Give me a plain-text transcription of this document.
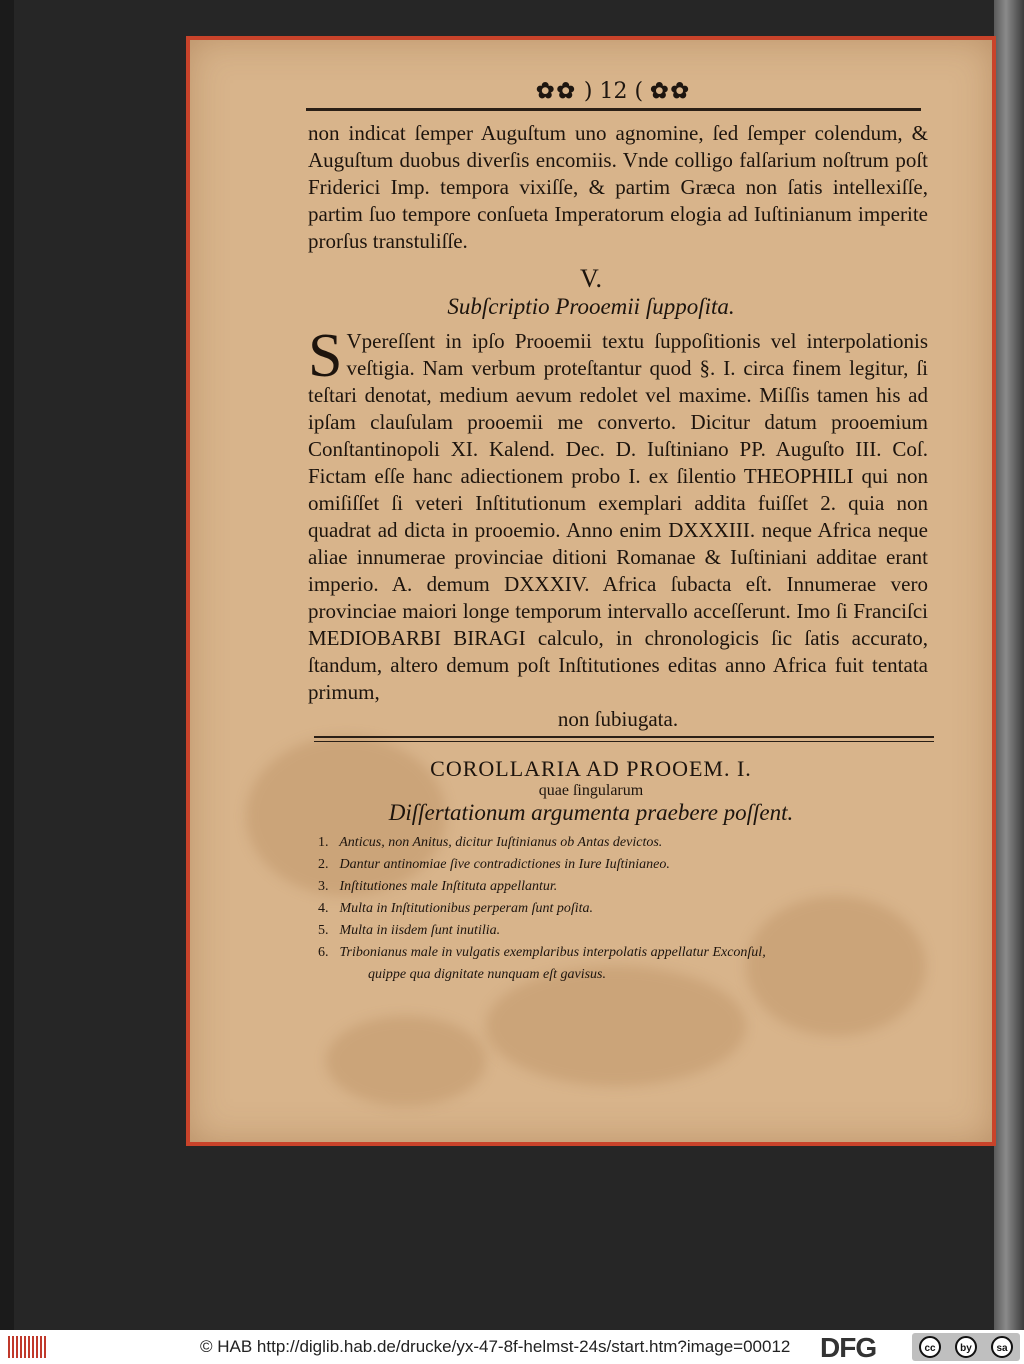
✿✿ ) 12 ( ✿✿
non indicat ſemper Auguſtum uno agnomine, ſed ſemper colendum, & Auguſtum duobus diverſis encomiis. Vnde colligo falſarium noſtrum poſt Friderici Imp. tempora vixiſſe, & partim Græca non ſatis intellexiſſe, partim ſuo tempore conſueta Imperatorum elogia ad Iuſtinianum imperite prorſus transtuliſſe.
V.
Subſcriptio Prooemii ſuppoſita.
S Vpereſſent in ipſo Prooemii textu ſuppoſitionis vel interpolationis veſtigia. Nam verbum proteſtantur quod §. I. circa finem legitur, ſi teſtari denotat, medium aevum redolet vel maxime. Miſſis tamen his ad ipſam clauſulam prooemii me converto. Dicitur datum prooemium Conſtantinopoli XI. Kalend. Dec. D. Iuſtiniano PP. Auguſto III. Coſ. Fictam eſſe hanc adiectionem probo I. ex ſilentio THEOPHILI qui non omiſiſſet ſi veteri Inſtitutionum exemplari addita fuiſſet 2. quia non quadrat ad dicta in prooemio. Anno enim DXXXIII. neque Africa neque aliae innumerae provinciae ditioni Romanae & Iuſtiniani additae erant imperio. A. demum DXXXIV. Africa ſubacta eſt. Innumerae vero provinciae maiori longe temporum intervallo acceſſerunt. Imo ſi Franciſci MEDIOBARBI BIRAGI calculo, in chronologicis ſic ſatis accurato, ſtandum, altero demum poſt Inſtitutiones editas anno Africa fuit tentata primum,
non ſubiugata.
COROLLARIA AD PROOEM. I.
quae ſingularum
Diſſertationum argumenta praebere poſſent.
1. Anticus, non Anitus, dicitur Iuſtinianus ob Antas devictos.
2. Dantur antinomiae ſive contradictiones in Iure Iuſtinianeo.
3. Inſtitutiones male Inſtituta appellantur.
4. Multa in Inſtitutionibus perperam ſunt poſita.
5. Multa in iisdem ſunt inutilia.
6. Tribonianus male in vulgatis exemplaribus interpolatis appellatur Exconſul,
quippe qua dignitate nunquam eſt gavisus.
© HAB http://diglib.hab.de/drucke/yx-47-8f-helmst-24s/start.htm?image=00012 DFG	cc	by	sa
